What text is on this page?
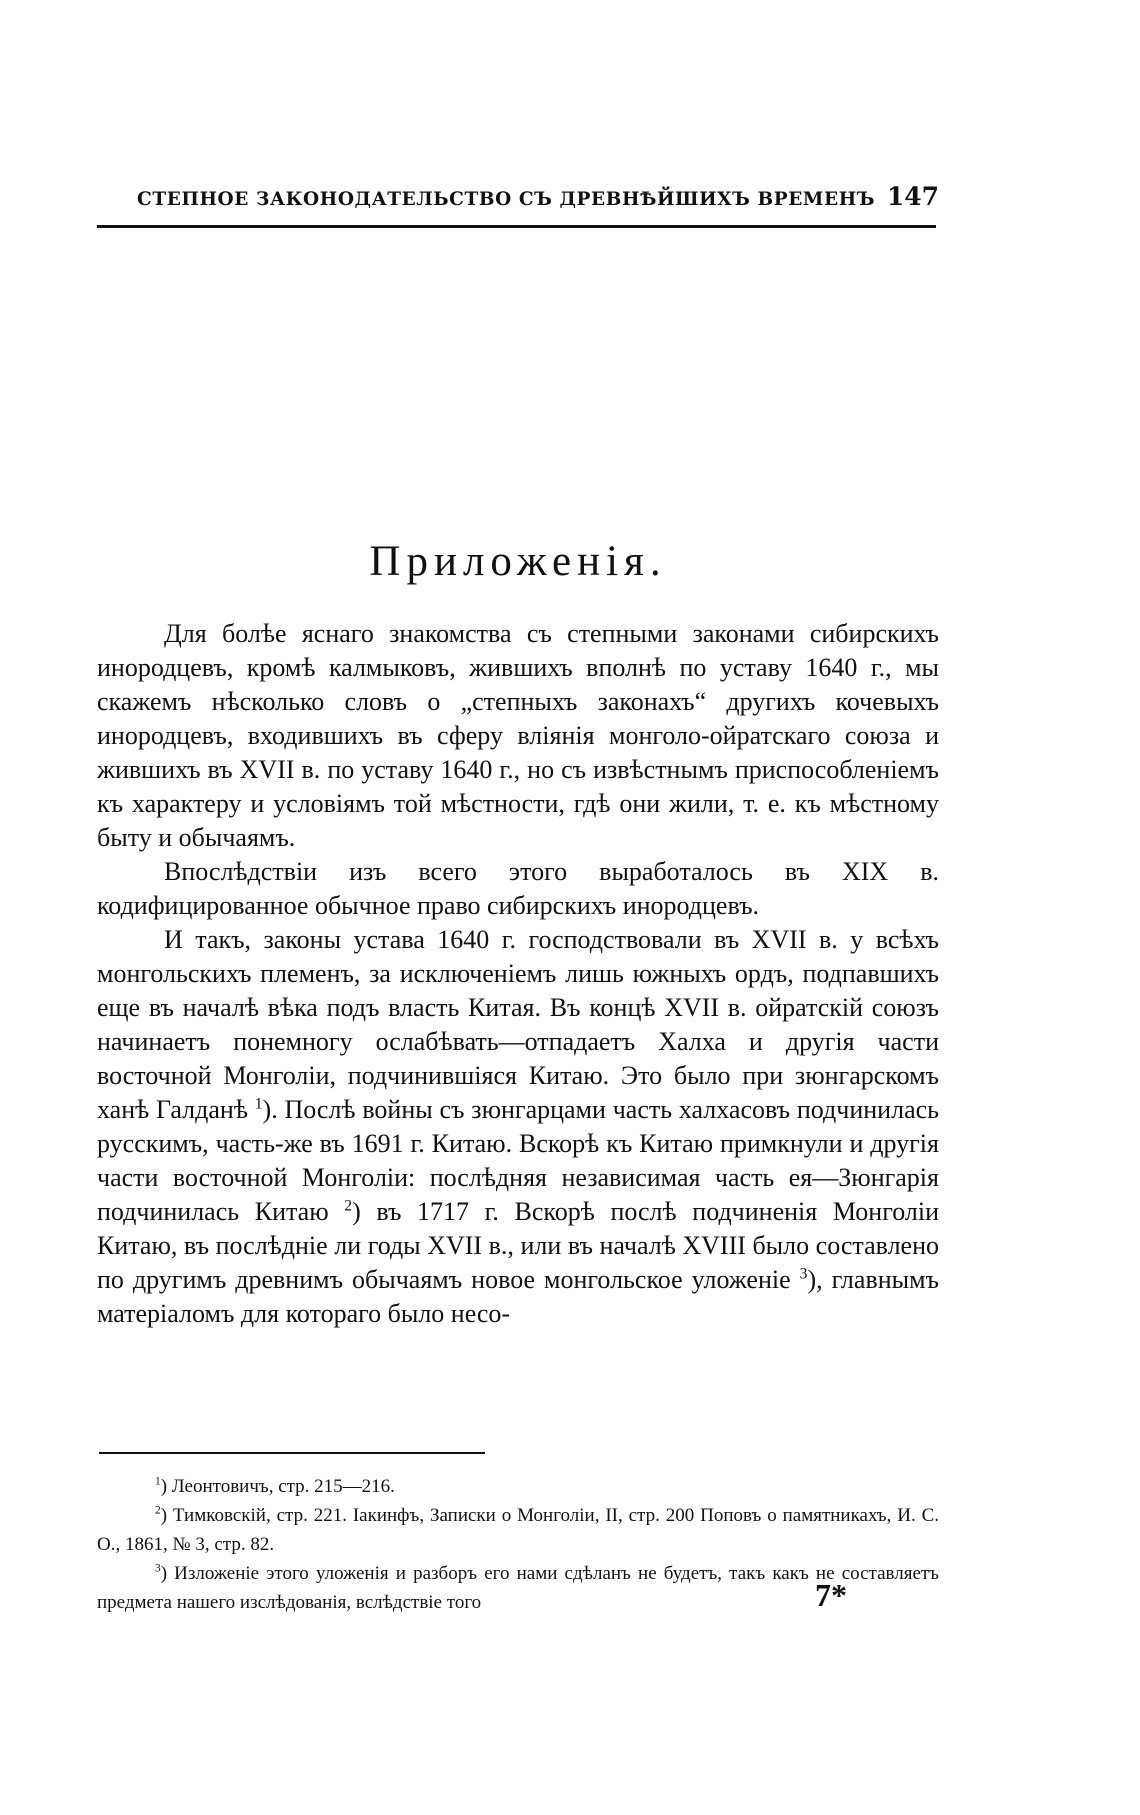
СТЕПНОЕ ЗАКОНОДАТЕЛЬСТВО СЪ ДРЕВНѢЙШИХЪ ВРЕМЕНЪ 147
Приложенія.

Для болѣе яснаго знакомства съ степными законами сибирскихъ инородцевъ, кромѣ калмыковъ, жившихъ вполнѣ по уставу 1640 г., мы скажемъ нѣсколько словъ о „степныхъ законахъ“ другихъ кочевыхъ инородцевъ, входившихъ въ сферу вліянія монголо-ойратскаго союза и жившихъ въ XVII в. по уставу 1640 г., но съ извѣстнымъ приспособленіемъ къ характеру и условіямъ той мѣстности, гдѣ они жили, т. е. къ мѣстному быту и обычаямъ.

Впослѣдствіи изъ всего этого выработалось въ XIX в. кодифицированное обычное право сибирскихъ инородцевъ.

И такъ, законы устава 1640 г. господствовали въ XVII в. у всѣхъ монгольскихъ племенъ, за исключеніемъ лишь южныхъ ордъ, подпавшихъ еще въ началѣ вѣка подъ власть Китая. Въ концѣ XVII в. ойратскій союзъ начинаетъ понемногу ослабѣвать—отпадаетъ Халха и другія части восточной Монголіи, подчинившіяся Китаю. Это было при зюнгарскомъ ханѣ Галданѣ $^1$). Послѣ войны съ зюнгарцами часть халхасовъ подчинилась русскимъ, часть-же въ 1691 г. Китаю. Вскорѣ къ Китаю примкнули и другія части восточной Монголіи: послѣдняя независимая часть ея—Зюнгарія подчинилась Китаю $^2$) въ 1717 г. Вскорѣ послѣ подчиненія Монголіи Китаю, въ послѣдніе ли годы XVII в., или въ началѣ XVIII было составлено по другимъ древнимъ обычаямъ новое монгольское уложеніе $^3$), главнымъ матеріаломъ для котораго было несо-

$^1$) Леонтовичъ, стр. 215—216.

$^2$) Тимковскій, стр. 221. Іакинфъ, Записки о Монголіи, II, стр. 200 Поповъ о памятникахъ, И. С. О., 1861, № 3, стр. 82.

$^3$) Изложеніе этого уложенія и разборъ его нами сдѣланъ не будетъ, такъ какъ не составляетъ предмета нашего изслѣдованія, вслѣдствіе того	7*
